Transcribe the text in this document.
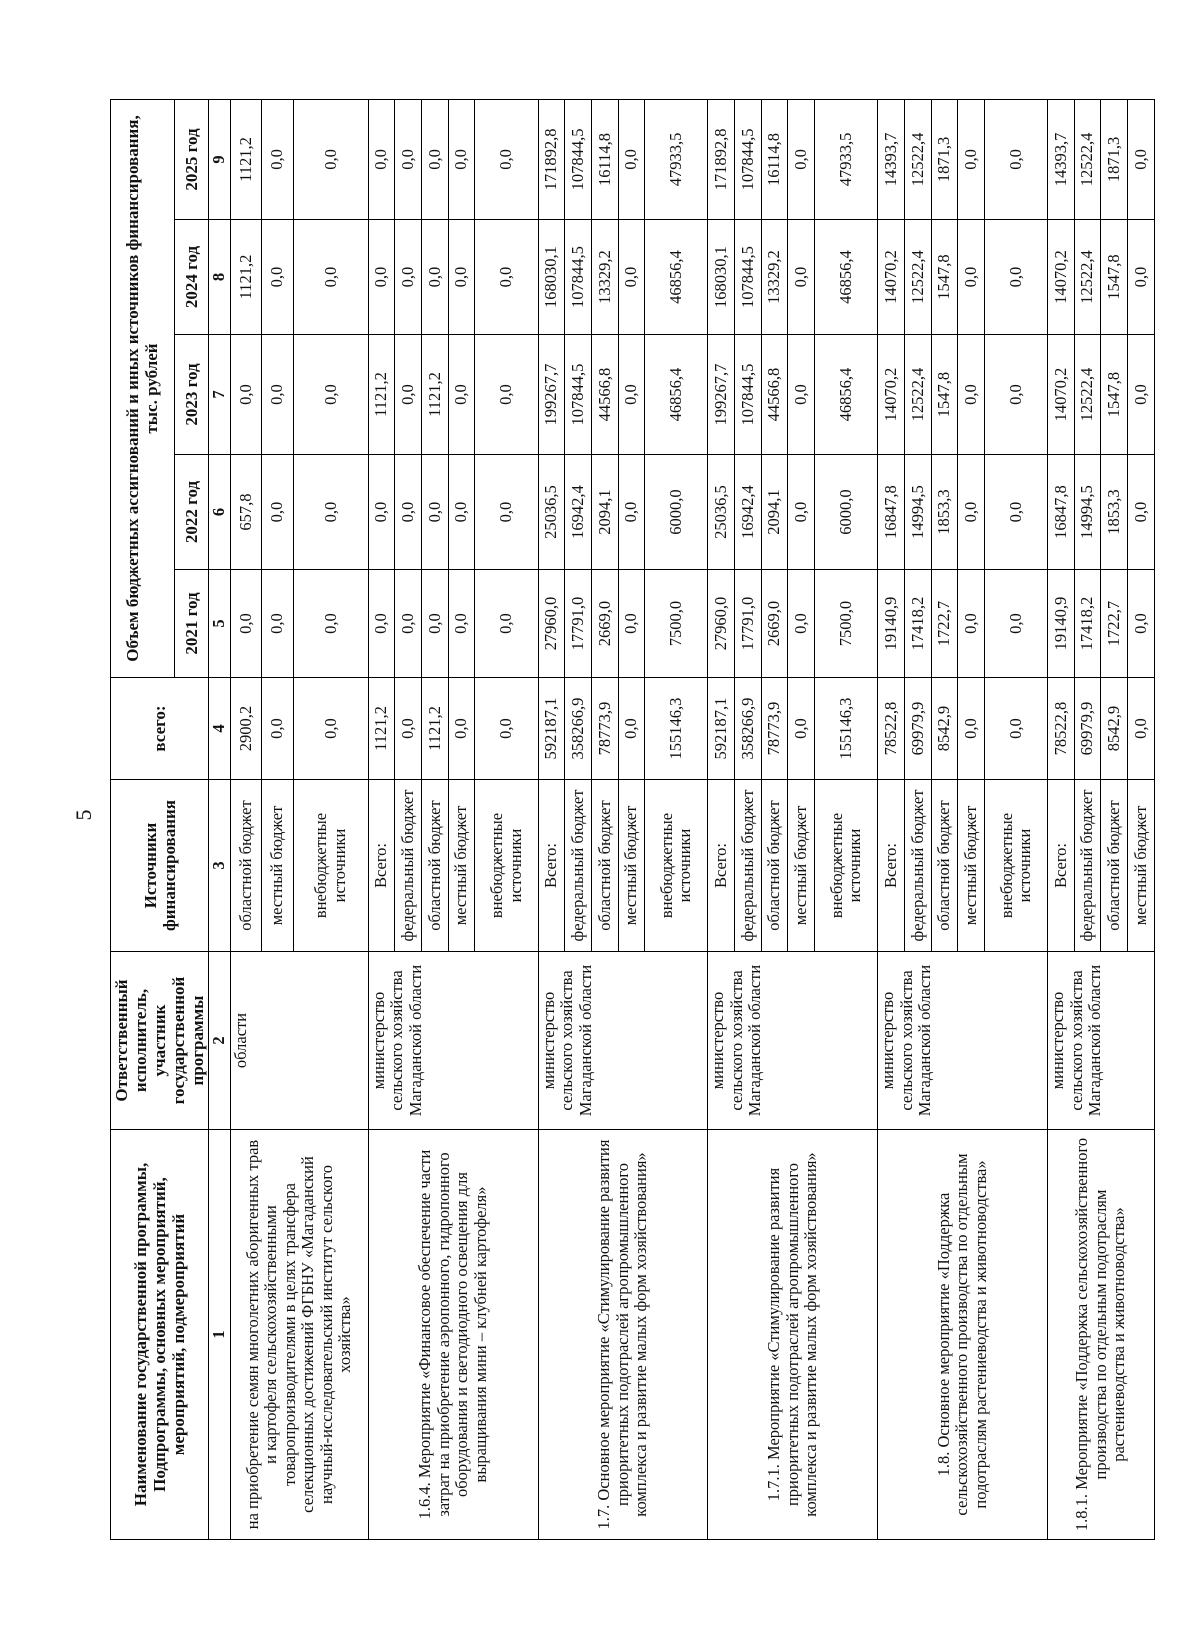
5
Наименование государственной программы, Подпрограммы, основных мероприятий, мероприятий, подмероприятий	Ответственный исполнитель, участник государственной программы	Источники финансирования	всего:	Объем бюджетных ассигнований и иных источников финансирования, тыс. рублей				
				2021 год	2022 год	2023 год	2024 год	2025 год
1	2	3	4	5	6	7	8	9
на приобретение семян многолетних аборигенных трав и картофеля сельскохозяйственными товаропроизводителями в целях трансфера селекционных достижений ФГБНУ «Магаданский научный-исследовательский институт сельского хозяйства»	области	областной бюджет	2900,2	0,0	657,8	0,0	1121,2	1121,2
		местный бюджет	0,0	0,0	0,0	0,0	0,0	0,0
		внебюджетные источники	0,0	0,0	0,0	0,0	0,0	0,0
1.6.4. Мероприятие «Финансовое обеспечение части затрат на приобретение аэропонного, гидропонного оборудования и светодиодного освещения для выращивания мини – клубней картофеля»	министерство сельского хозяйства Магаданской области	Всего:	1121,2	0,0	0,0	1121,2	0,0	0,0
		федеральный бюджет	0,0	0,0	0,0	0,0	0,0	0,0
		областной бюджет	1121,2	0,0	0,0	1121,2	0,0	0,0
		местный бюджет	0,0	0,0	0,0	0,0	0,0	0,0
		внебюджетные источники	0,0	0,0	0,0	0,0	0,0	0,0
1.7. Основное мероприятие «Стимулирование развития приоритетных подотраслей агропромышленного комплекса и развитие малых форм хозяйствования»	министерство сельского хозяйства Магаданской области	Всего:	592187,1	27960,0	25036,5	199267,7	168030,1	171892,8
		федеральный бюджет	358266,9	17791,0	16942,4	107844,5	107844,5	107844,5
		областной бюджет	78773,9	2669,0	2094,1	44566,8	13329,2	16114,8
		местный бюджет	0,0	0,0	0,0	0,0	0,0	0,0
		внебюджетные источники	155146,3	7500,0	6000,0	46856,4	46856,4	47933,5
1.7.1. Мероприятие «Стимулирование развития приоритетных подотраслей агропромышленного комплекса и развитие малых форм хозяйствования»	министерство сельского хозяйства Магаданской области	Всего:	592187,1	27960,0	25036,5	199267,7	168030,1	171892,8
		федеральный бюджет	358266,9	17791,0	16942,4	107844,5	107844,5	107844,5
		областной бюджет	78773,9	2669,0	2094,1	44566,8	13329,2	16114,8
		местный бюджет	0,0	0,0	0,0	0,0	0,0	0,0
		внебюджетные источники	155146,3	7500,0	6000,0	46856,4	46856,4	47933,5
1.8. Основное мероприятие «Поддержка сельскохозяйственного производства по отдельным подотраслям растениеводства и животноводства»	министерство сельского хозяйства Магаданской области	Всего:	78522,8	19140,9	16847,8	14070,2	14070,2	14393,7
		федеральный бюджет	69979,9	17418,2	14994,5	12522,4	12522,4	12522,4
		областной бюджет	8542,9	1722,7	1853,3	1547,8	1547,8	1871,3
		местный бюджет	0,0	0,0	0,0	0,0	0,0	0,0
		внебюджетные источники	0,0	0,0	0,0	0,0	0,0	0,0
1.8.1. Мероприятие «Поддержка сельскохозяйственного производства по отдельным подотраслям растениеводства и животноводства»	министерство сельского хозяйства Магаданской области	Всего:	78522,8	19140,9	16847,8	14070,2	14070,2	14393,7
		федеральный бюджет	69979,9	17418,2	14994,5	12522,4	12522,4	12522,4
		областной бюджет	8542,9	1722,7	1853,3	1547,8	1547,8	1871,3
		местный бюджет	0,0	0,0	0,0	0,0	0,0	0,0
